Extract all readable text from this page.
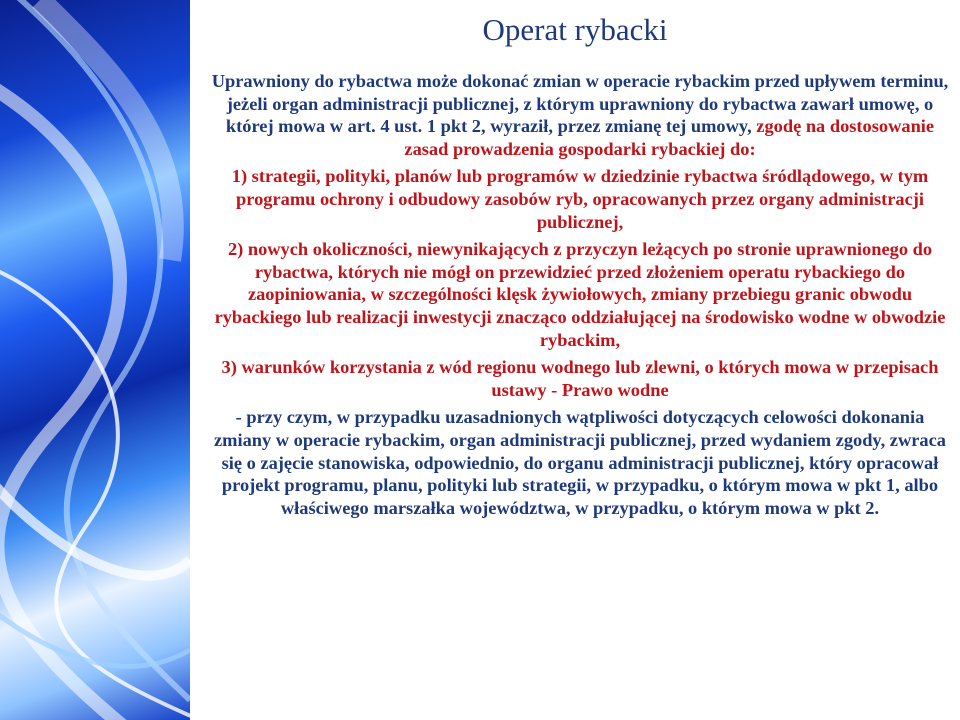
Operat rybacki

Uprawniony do rybactwa może dokonać zmian w operacie rybackim przed upływem terminu, jeżeli organ administracji publicznej, z którym uprawniony do rybactwa zawarł umowę, o której mowa w art. 4 ust. 1 pkt 2, wyraził, przez zmianę tej umowy, zgodę na dostosowanie zasad prowadzenia gospodarki rybackiej do:

1) strategii, polityki, planów lub programów w dziedzinie rybactwa śródlądowego, w tym programu ochrony i odbudowy zasobów ryb, opracowanych przez organy administracji publicznej,

2) nowych okoliczności, niewynikających z przyczyn leżących po stronie uprawnionego do rybactwa, których nie mógł on przewidzieć przed złożeniem operatu rybackiego do zaopiniowania, w szczególności klęsk żywiołowych, zmiany przebiegu granic obwodu rybackiego lub realizacji inwestycji znacząco oddziałującej na środowisko wodne w obwodzie rybackim,

3) warunków korzystania z wód regionu wodnego lub zlewni, o których mowa w przepisach ustawy - Prawo wodne

- przy czym, w przypadku uzasadnionych wątpliwości dotyczących celowości dokonania zmiany w operacie rybackim, organ administracji publicznej, przed wydaniem zgody, zwraca się o zajęcie stanowiska, odpowiednio, do organu administracji publicznej, który opracował projekt programu, planu, polityki lub strategii, w przypadku, o którym mowa w pkt 1, albo właściwego marszałka województwa, w przypadku, o którym mowa w pkt 2.
